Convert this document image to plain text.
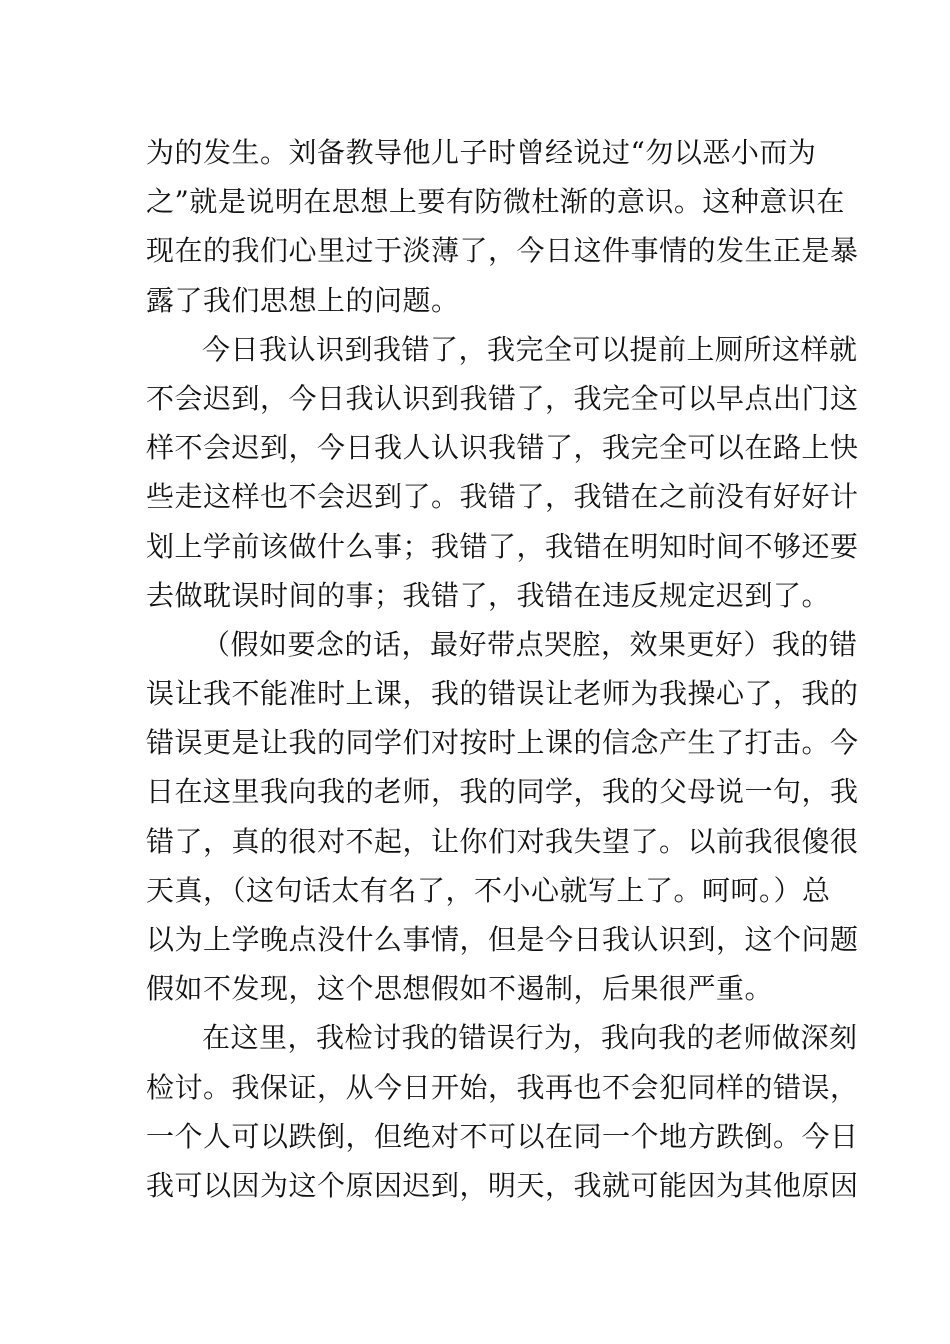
为的发生。刘备教导他儿子时曾经说过“勿以恶小而为
之”就是说明在思想上要有防微杜渐的意识。这种意识在
现在的我们心里过于淡薄了，今日这件事情的发生正是暴
露了我们思想上的问题。
今日我认识到我错了，我完全可以提前上厕所这样就
不会迟到，今日我认识到我错了，我完全可以早点出门这
样不会迟到，今日我人认识我错了，我完全可以在路上快
些走这样也不会迟到了。我错了，我错在之前没有好好计
划上学前该做什么事；我错了，我错在明知时间不够还要
去做耽误时间的事；我错了，我错在违反规定迟到了。
（假如要念的话，最好带点哭腔，效果更好）我的错
误让我不能准时上课，我的错误让老师为我操心了，我的
错误更是让我的同学们对按时上课的信念产生了打击。今
日在这里我向我的老师，我的同学，我的父母说一句，我
错了，真的很对不起，让你们对我失望了。以前我很傻很
天真，（这句话太有名了，不小心就写上了。呵呵。）总
以为上学晚点没什么事情，但是今日我认识到，这个问题
假如不发现，这个思想假如不遏制，后果很严重。
在这里，我检讨我的错误行为，我向我的老师做深刻
检讨。我保证，从今日开始，我再也不会犯同样的错误，
一个人可以跌倒，但绝对不可以在同一个地方跌倒。今日
我可以因为这个原因迟到，明天，我就可能因为其他原因
